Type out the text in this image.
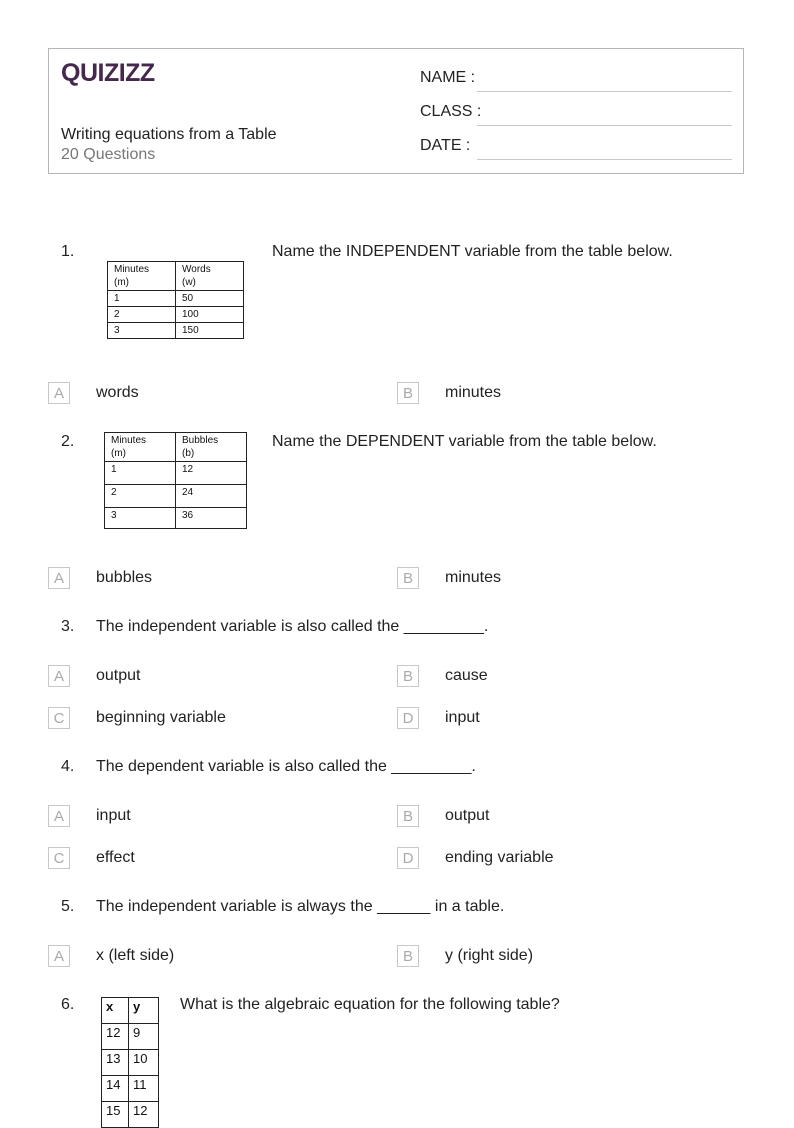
QUIZIZZ
Writing equations from a Table
20 Questions
NAME :
CLASS :
DATE :
1.
Minutes
(m)	Words
(w)
1	50
2	100
3	150
Name the INDEPENDENT variable from the table below.
A	words	B	minutes
2.	Minutes
(m)	Bubbles
(b)
1	12
2	24
3	36
Name the DEPENDENT variable from the table below.
A	bubbles	B	minutes
3. The independent variable is also called the _________.
A	output	B	cause
C	beginning variable	D	input
4. The dependent variable is also called the _________.
A	input	B	output
C	effect	D	ending variable
5. The independent variable is always the ______ in a table.
A	x (left side)	B	y (right side)
6. x	y
12	9
13	10
14	11
15	12
What is the algebraic equation for the following table?
